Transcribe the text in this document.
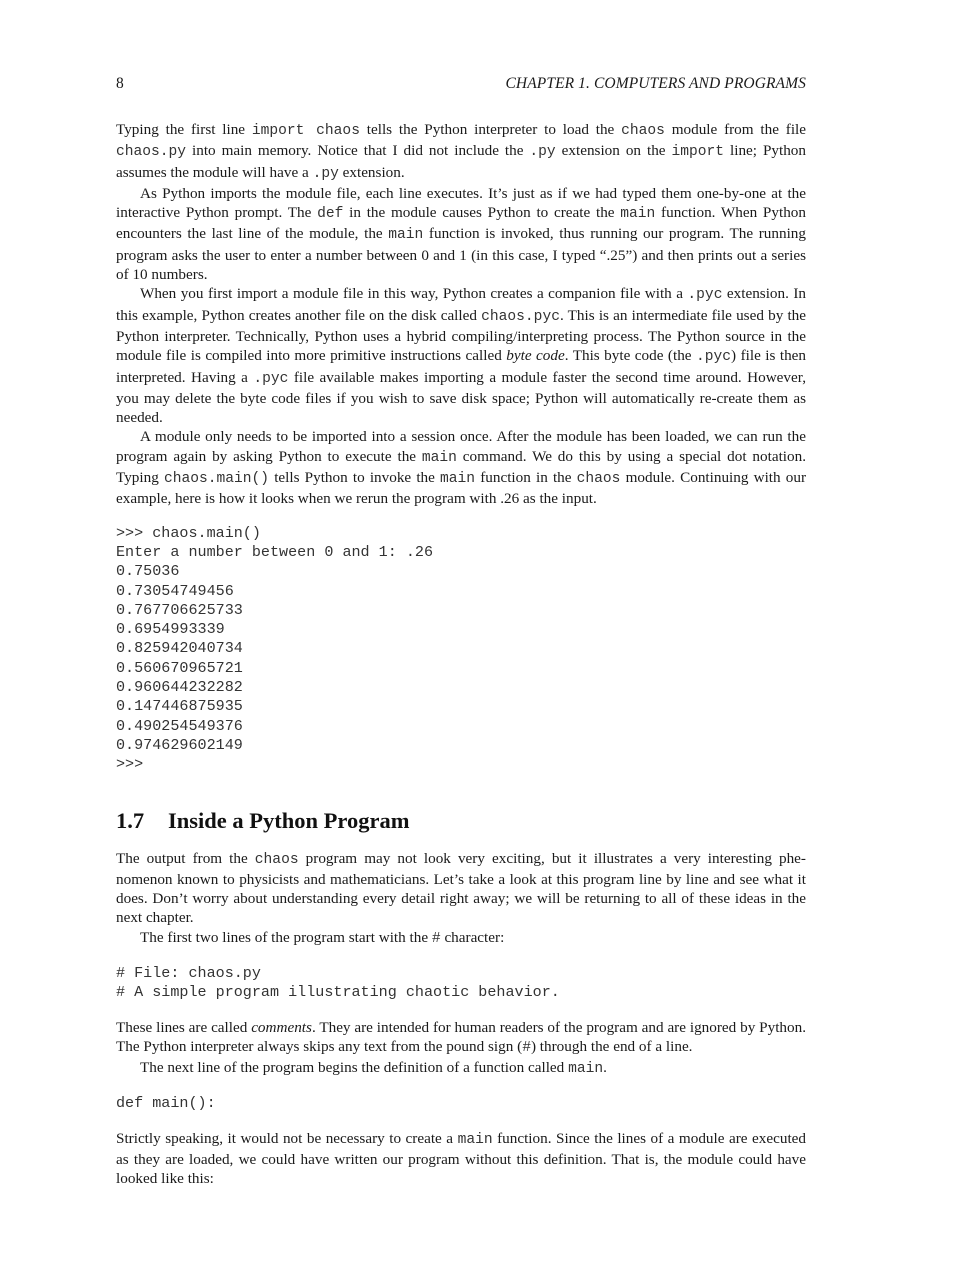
8	CHAPTER 1. COMPUTERS AND PROGRAMS

Typing the first line import chaos tells the Python interpreter to load the chaos module from the file chaos.py into main memory. Notice that I did not include the .py extension on the import line; Python assumes the module will have a .py extension.

As Python imports the module file, each line executes. It’s just as if we had typed them one-by-one at the interactive Python prompt. The def in the module causes Python to create the main function. When Python encounters the last line of the module, the main function is invoked, thus running our program. The running program asks the user to enter a number between 0 and 1 (in this case, I typed “.25”) and then prints out a series of 10 numbers.

When you first import a module file in this way, Python creates a companion file with a .pyc extension. In this example, Python creates another file on the disk called chaos.pyc. This is an intermediate file used by the Python interpreter. Technically, Python uses a hybrid compiling/interpreting process. The Python source in the module file is compiled into more primitive instructions called byte code. This byte code (the .pyc) file is then interpreted. Having a .pyc file available makes importing a module faster the second time around. However, you may delete the byte code files if you wish to save disk space; Python will automatically re-create them as needed.

A module only needs to be imported into a session once. After the module has been loaded, we can run the program again by asking Python to execute the main command. We do this by using a special dot notation. Typing chaos.main() tells Python to invoke the main function in the chaos module. Continuing with our example, here is how it looks when we rerun the program with .26 as the input.

>>> chaos.main()
Enter a number between 0 and 1: .26
0.75036
0.73054749456
0.767706625733
0.6954993339
0.825942040734
0.560670965721
0.960644232282
0.147446875935
0.490254549376
0.974629602149
>>>
1.7 Inside a Python Program

The output from the chaos program may not look very exciting, but it illustrates a very interesting phe-nomenon known to physicists and mathematicians. Let’s take a look at this program line by line and see what it does. Don’t worry about understanding every detail right away; we will be returning to all of these ideas in the next chapter.

The first two lines of the program start with the # character:

# File: chaos.py
# A simple program illustrating chaotic behavior.

These lines are called comments. They are intended for human readers of the program and are ignored by Python. The Python interpreter always skips any text from the pound sign (#) through the end of a line.

The next line of the program begins the definition of a function called main.

def main():

Strictly speaking, it would not be necessary to create a main function. Since the lines of a module are executed as they are loaded, we could have written our program without this definition. That is, the module could have looked like this:
